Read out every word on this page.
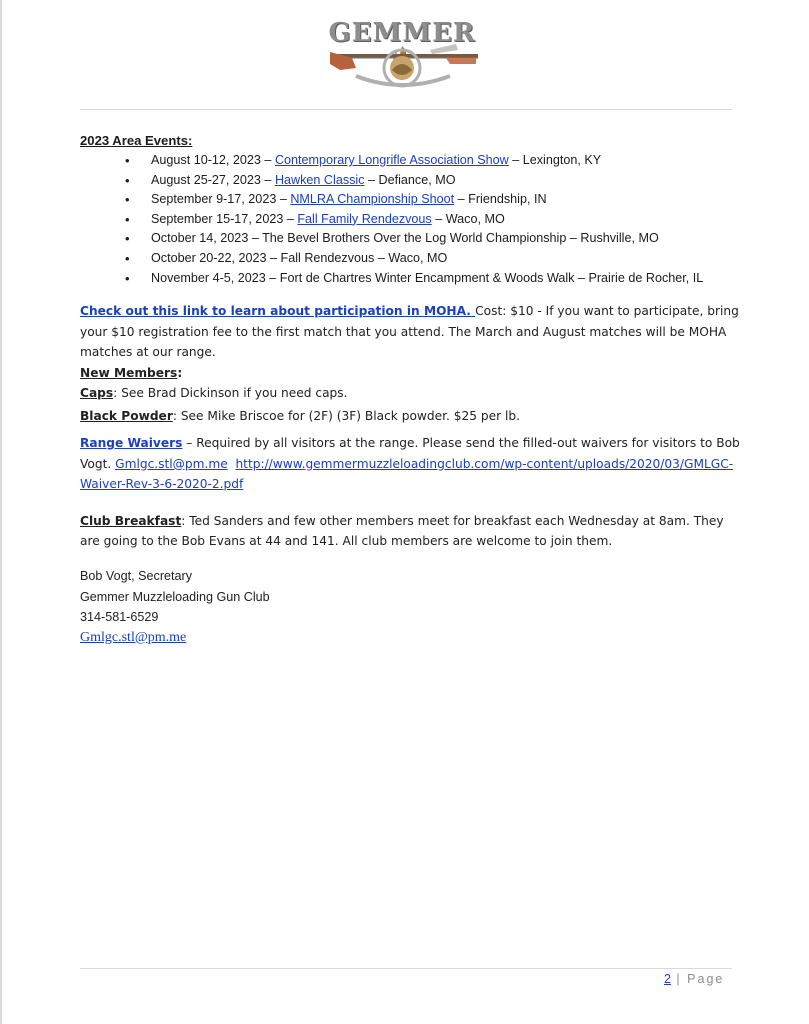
GEMMER
2023 Area Events:
• August 10-12, 2023 – Contemporary Longrifle Association Show – Lexington, KY
• August 25-27, 2023 – Hawken Classic – Defiance, MO
• September 9-17, 2023 – NMLRA Championship Shoot – Friendship, IN
• September 15-17, 2023 – Fall Family Rendezvous – Waco, MO
• October 14, 2023 – The Bevel Brothers Over the Log World Championship – Rushville, MO
• October 20-22, 2023 – Fall Rendezvous – Waco, MO
• November 4-5, 2023 – Fort de Chartres Winter Encampment & Woods Walk – Prairie de Rocher, IL
Check out this link to learn about participation in MOHA. Cost: $10 - If you want to participate, bring your $10 registration fee to the first match that you attend. The March and August matches will be MOHA matches at our range.
New Members:
Caps: See Brad Dickinson if you need caps.
Black Powder: See Mike Briscoe for (2F) (3F) Black powder. $25 per lb.
Range Waivers – Required by all visitors at the range. Please send the filled-out waivers for visitors to Bob Vogt. Gmlgc.stl@pm.me http://www.gemmermuzzleloadingclub.com/wp-content/uploads/2020/03/GMLGC-Waiver-Rev-3-6-2020-2.pdf
Club Breakfast: Ted Sanders and few other members meet for breakfast each Wednesday at 8am. They are going to the Bob Evans at 44 and 141. All club members are welcome to join them.
Bob Vogt, Secretary
Gemmer Muzzleloading Gun Club
314-581-6529
Gmlgc.stl@pm.me
2 | Page
